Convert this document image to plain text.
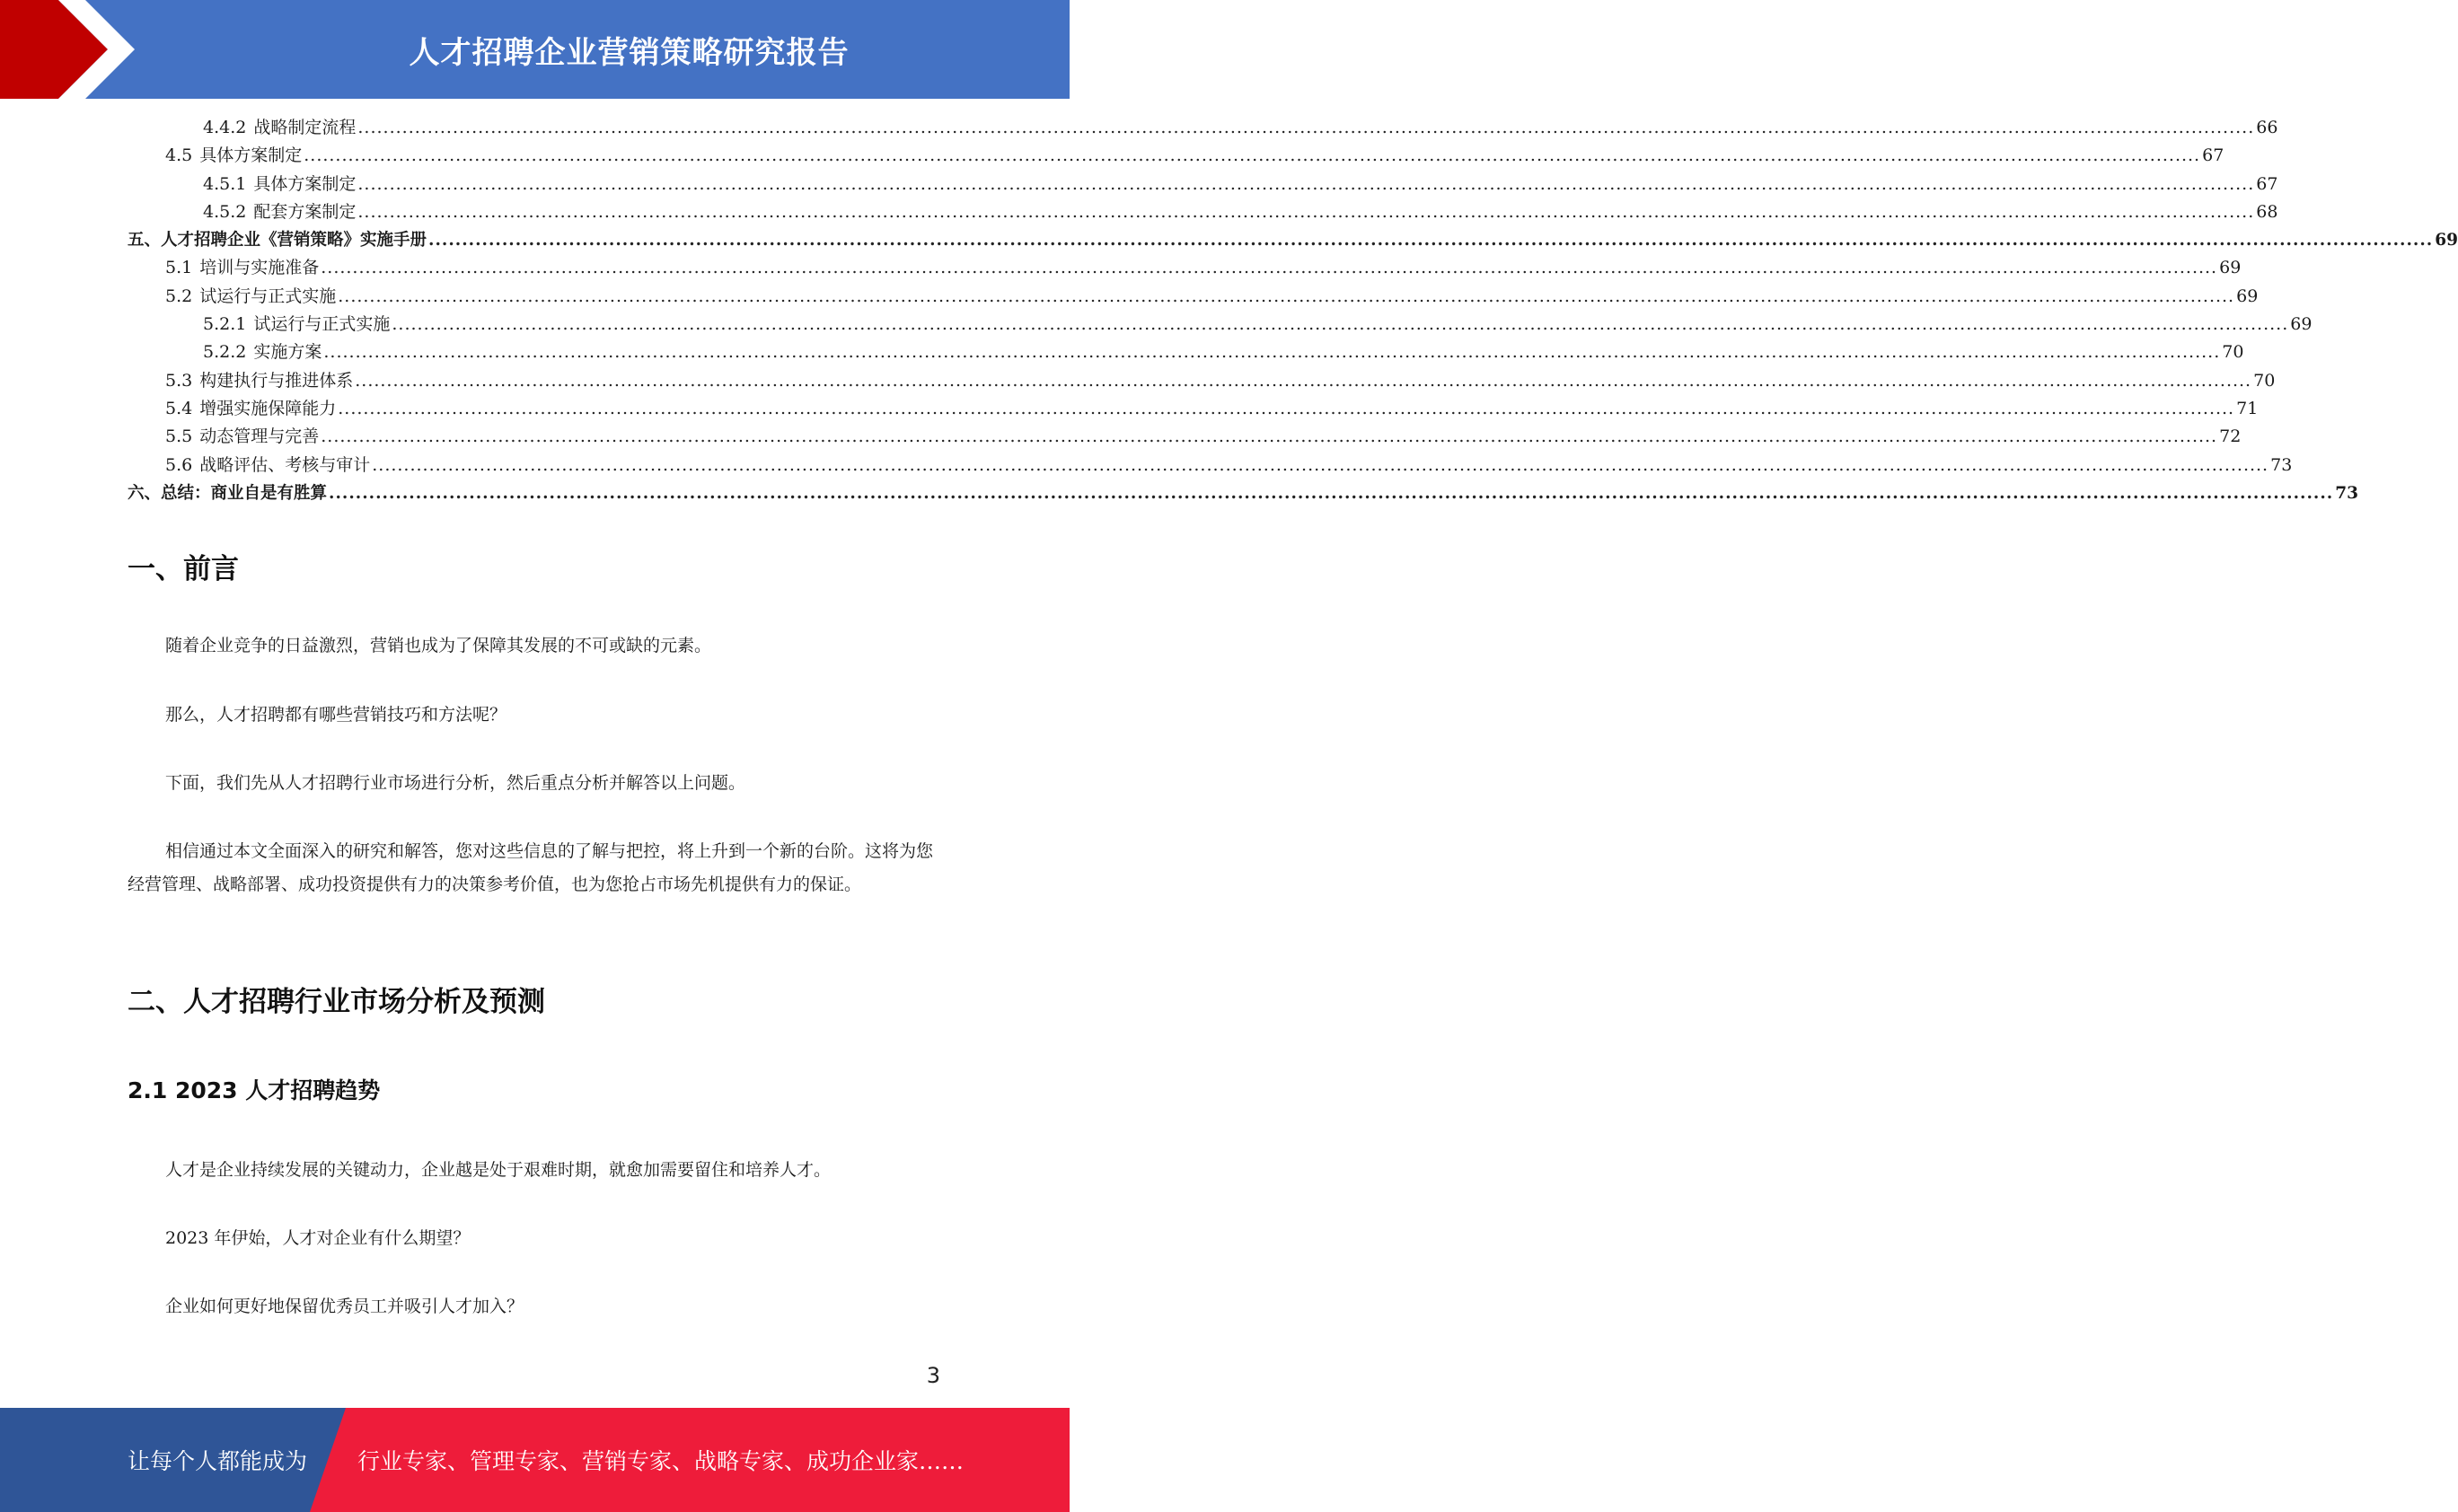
人才招聘企业营销策略研究报告
4.4.2 战略制定流程 ............................................................................................................................................................................................................................................................................................................ 66
4.5 具体方案制定 ............................................................................................................................................................................................................................................................................................................ 67
4.5.1 具体方案制定 ............................................................................................................................................................................................................................................................................................................ 67
4.5.2 配套方案制定 ............................................................................................................................................................................................................................................................................................................ 68
五、人才招聘企业《营销策略》实施手册 ............................................................................................................................................................................................................................................................................................................ 69
5.1 培训与实施准备 ............................................................................................................................................................................................................................................................................................................ 69
5.2 试运行与正式实施 ............................................................................................................................................................................................................................................................................................................ 69
5.2.1 试运行与正式实施 ............................................................................................................................................................................................................................................................................................................ 69
5.2.2 实施方案 ............................................................................................................................................................................................................................................................................................................ 70
5.3 构建执行与推进体系 ............................................................................................................................................................................................................................................................................................................ 70
5.4 增强实施保障能力 ............................................................................................................................................................................................................................................................................................................ 71
5.5 动态管理与完善 ............................................................................................................................................................................................................................................................................................................ 72
5.6 战略评估、考核与审计 ............................................................................................................................................................................................................................................................................................................ 73
六、总结：商业自是有胜算 ............................................................................................................................................................................................................................................................................................................ 73
一、前言

随着企业竞争的日益激烈，营销也成为了保障其发展的不可或缺的元素。

那么，人才招聘都有哪些营销技巧和方法呢？

下面，我们先从人才招聘行业市场进行分析，然后重点分析并解答以上问题。

相信通过本文全面深入的研究和解答，您对这些信息的了解与把控，将上升到一个新的台阶。这将为您经营管理、战略部署、成功投资提供有力的决策参考价值，也为您抢占市场先机提供有力的保证。

二、人才招聘行业市场分析及预测
2.1 2023 人才招聘趋势

人才是企业持续发展的关键动力，企业越是处于艰难时期，就愈加需要留住和培养人才。

2023 年伊始，人才对企业有什么期望？

企业如何更好地保留优秀员工并吸引人才加入？

3
让每个人都能成为 行业专家、管理专家、营销专家、战略专家、成功企业家……
